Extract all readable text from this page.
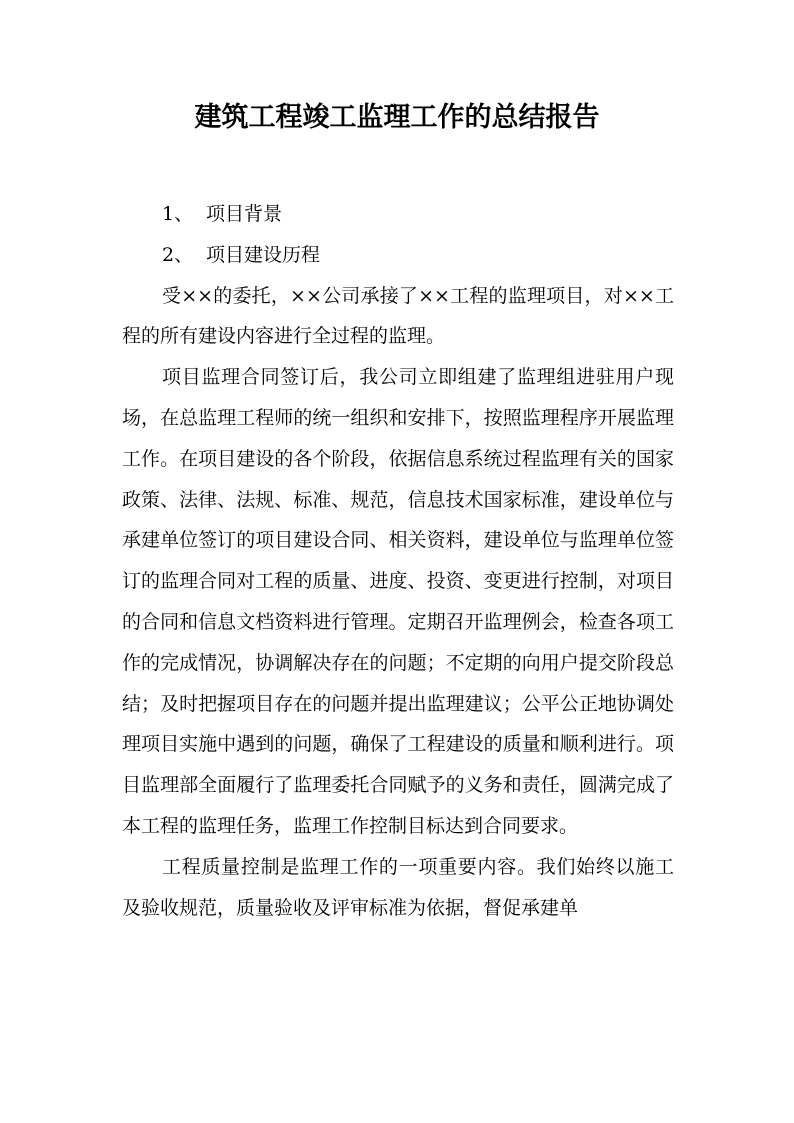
建筑工程竣工监理工作的总结报告

1、 项目背景

2、 项目建设历程

受××的委托，××公司承接了××工程的监理项目，对××工程的所有建设内容进行全过程的监理。

项目监理合同签订后，我公司立即组建了监理组进驻用户现场，在总监理工程师的统一组织和安排下，按照监理程序开展监理工作。在项目建设的各个阶段，依据信息系统过程监理有关的国家政策、法律、法规、标准、规范，信息技术国家标准，建设单位与承建单位签订的项目建设合同、相关资料，建设单位与监理单位签订的监理合同对工程的质量、进度、投资、变更进行控制，对项目的合同和信息文档资料进行管理。定期召开监理例会，检查各项工作的完成情况，协调解决存在的问题；不定期的向用户提交阶段总结；及时把握项目存在的问题并提出监理建议；公平公正地协调处理项目实施中遇到的问题，确保了工程建设的质量和顺利进行。项目监理部全面履行了监理委托合同赋予的义务和责任，圆满完成了本工程的监理任务，监理工作控制目标达到合同要求。

工程质量控制是监理工作的一项重要内容。我们始终以施工及验收规范，质量验收及评审标准为依据，督促承建单
